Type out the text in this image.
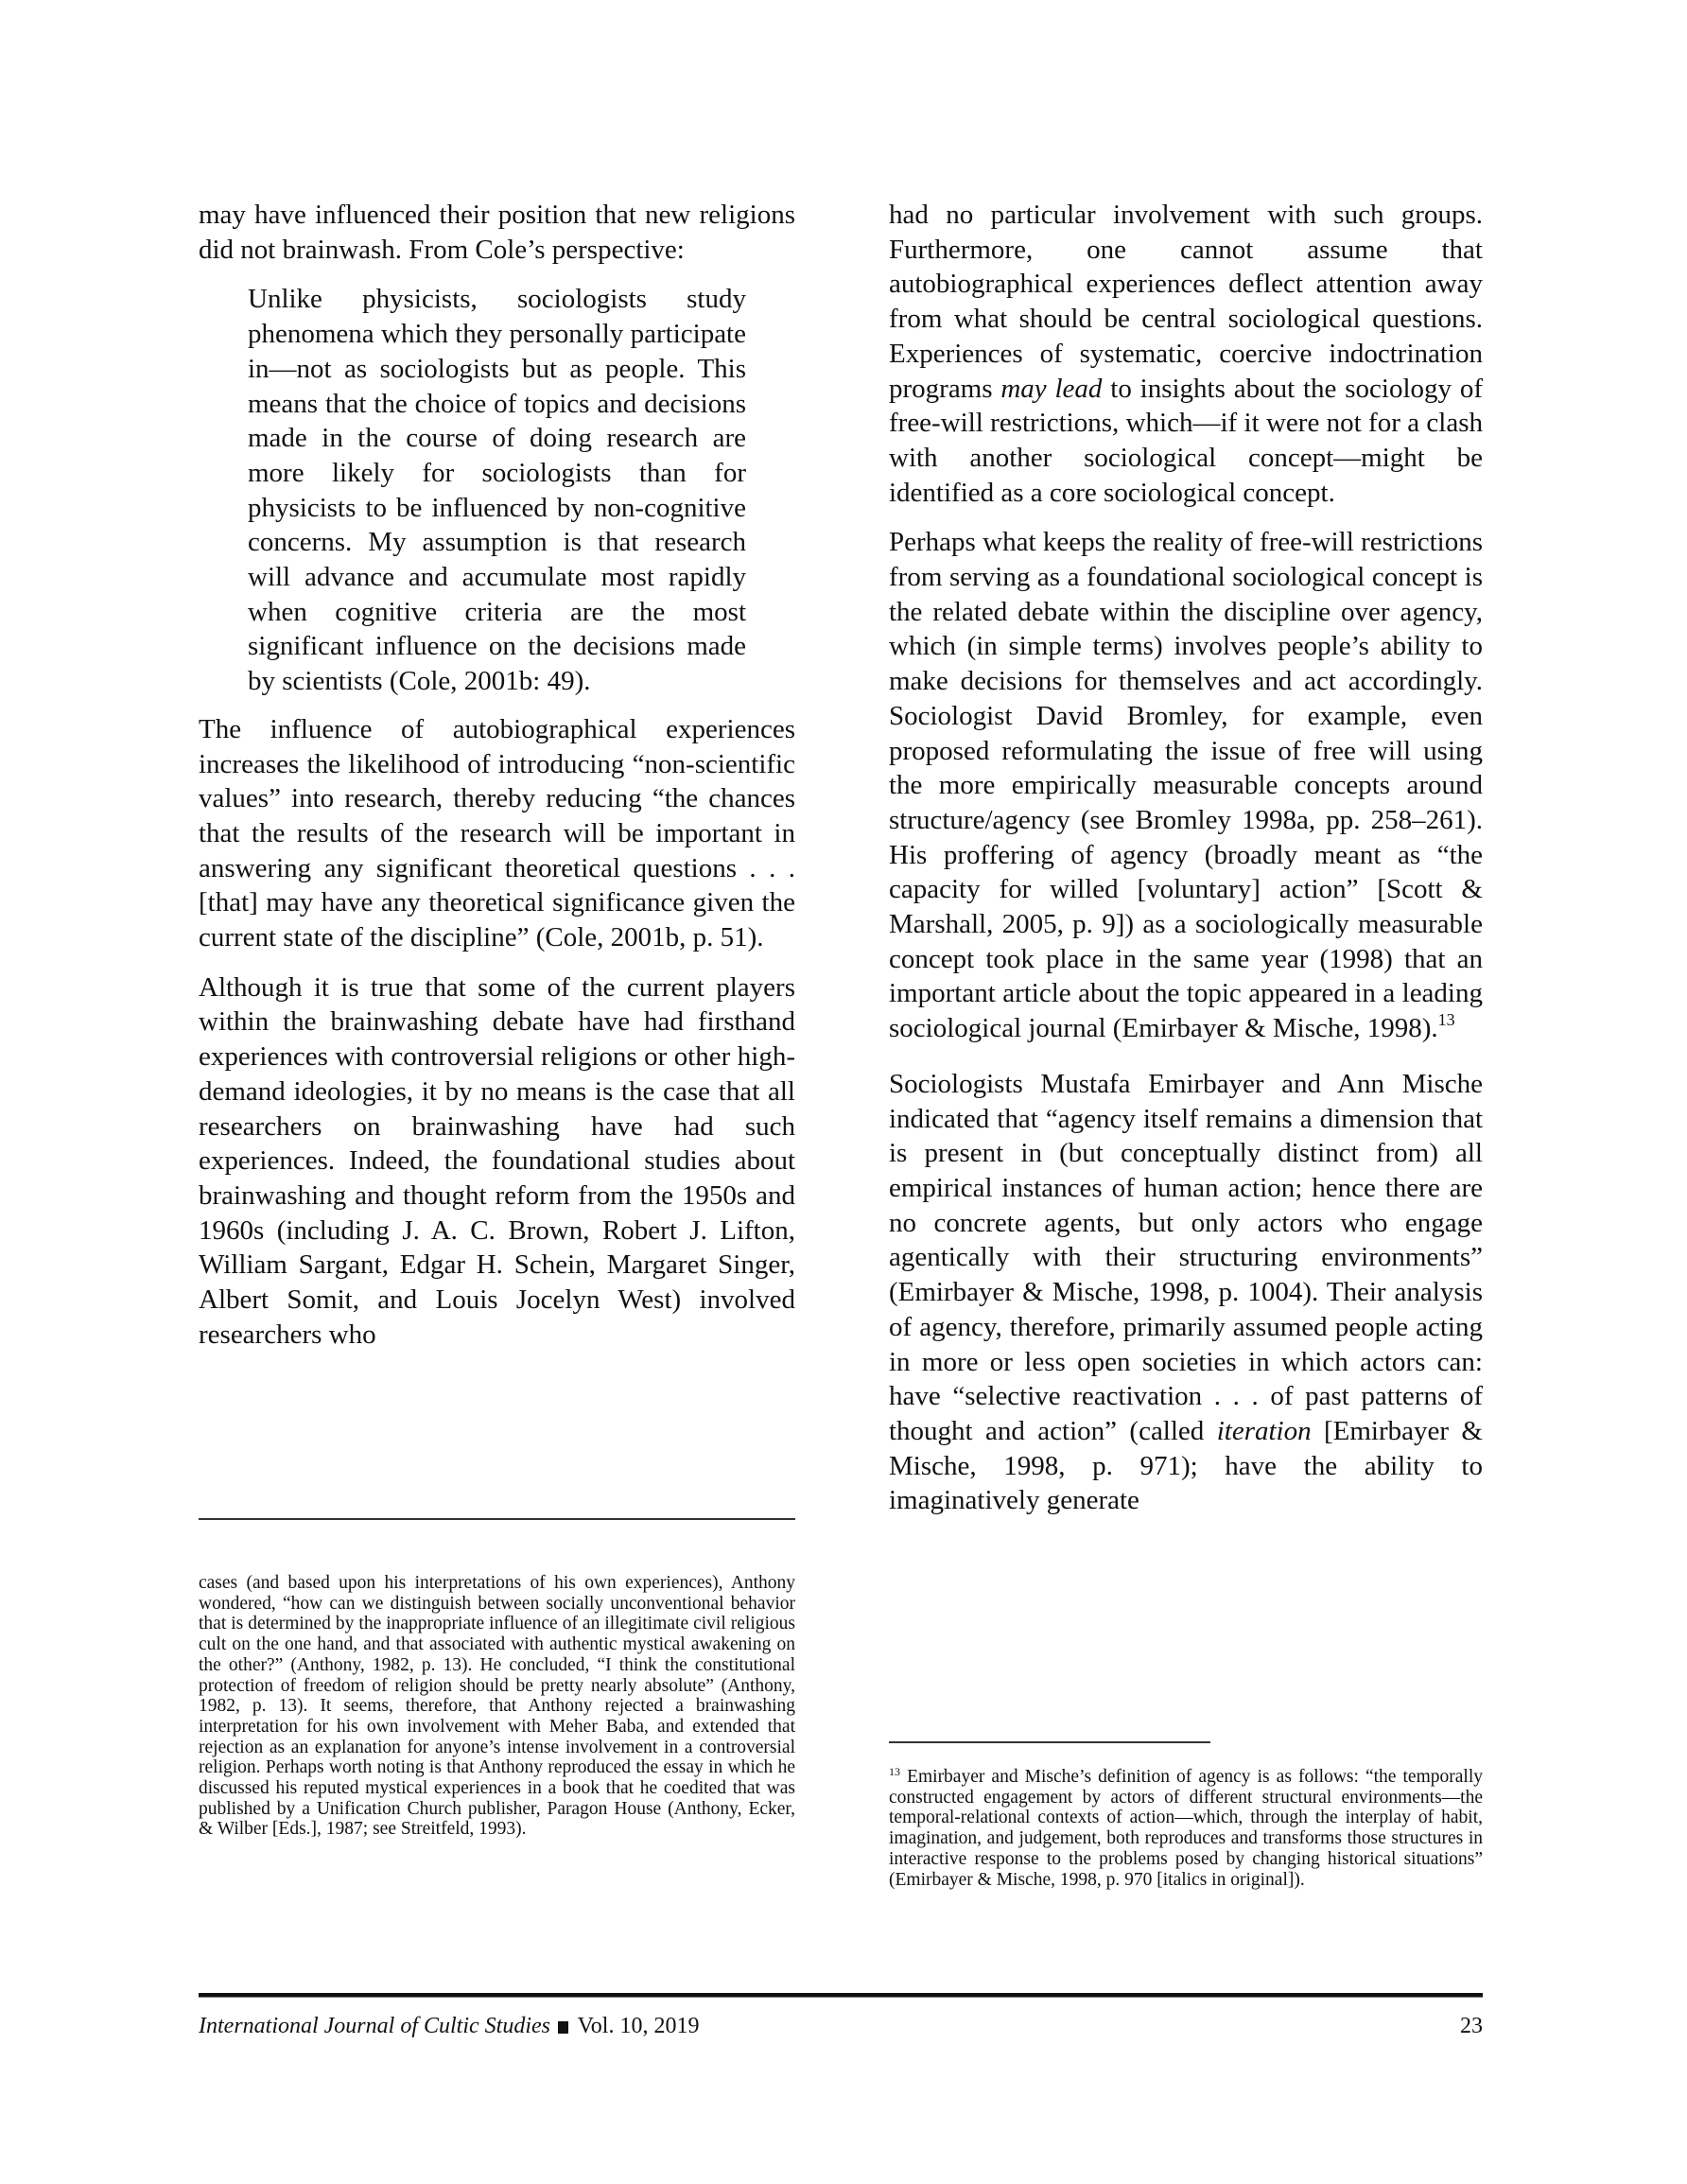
may have influenced their position that new religions did not brainwash. From Cole’s perspective:

Unlike physicists, sociologists study phenomena which they personally participate in—not as sociologists but as people. This means that the choice of topics and decisions made in the course of doing research are more likely for sociologists than for physicists to be influenced by non-cognitive concerns. My assumption is that research will advance and accumulate most rapidly when cognitive criteria are the most significant influence on the decisions made by scientists (Cole, 2001b: 49).

The influence of autobiographical experiences increases the likelihood of introducing “non-scientific values” into research, thereby reducing “the chances that the results of the research will be important in answering any significant theoretical questions . . . [that] may have any theoretical significance given the current state of the discipline” (Cole, 2001b, p. 51).

Although it is true that some of the current players within the brainwashing debate have had firsthand experiences with controversial religions or other high-demand ideologies, it by no means is the case that all researchers on brainwashing have had such experiences. Indeed, the foundational studies about brainwashing and thought reform from the 1950s and 1960s (including J. A. C. Brown, Robert J. Lifton, William Sargant, Edgar H. Schein, Margaret Singer, Albert Somit, and Louis Jocelyn West) involved researchers who

cases (and based upon his interpretations of his own experiences), Anthony wondered, “how can we distinguish between socially unconventional behavior that is determined by the inappropriate influence of an illegitimate civil religious cult on the one hand, and that associated with authentic mystical awakening on the other?” (Anthony, 1982, p. 13). He concluded, “I think the constitutional protection of freedom of religion should be pretty nearly absolute” (Anthony, 1982, p. 13). It seems, therefore, that Anthony rejected a brainwashing interpretation for his own involvement with Meher Baba, and extended that rejection as an explanation for anyone’s intense involvement in a controversial religion. Perhaps worth noting is that Anthony reproduced the essay in which he discussed his reputed mystical experiences in a book that he coedited that was published by a Unification Church publisher, Paragon House (Anthony, Ecker, & Wilber [Eds.], 1987; see Streitfeld, 1993).

had no particular involvement with such groups. Furthermore, one cannot assume that autobiographical experiences deflect attention away from what should be central sociological questions. Experiences of systematic, coercive indoctrination programs may lead to insights about the sociology of free-will restrictions, which—if it were not for a clash with another sociological concept—might be identified as a core sociological concept.

Perhaps what keeps the reality of free-will restrictions from serving as a foundational sociological concept is the related debate within the discipline over agency, which (in simple terms) involves people’s ability to make decisions for themselves and act accordingly. Sociologist David Bromley, for example, even proposed reformulating the issue of free will using the more empirically measurable concepts around structure/agency (see Bromley 1998a, pp. 258–261). His proffering of agency (broadly meant as “the capacity for willed [voluntary] action” [Scott & Marshall, 2005, p. 9]) as a sociologically measurable concept took place in the same year (1998) that an important article about the topic appeared in a leading sociological journal (Emirbayer & Mische, 1998).$^{13}$

Sociologists Mustafa Emirbayer and Ann Mische indicated that “agency itself remains a dimension that is present in (but conceptually distinct from) all empirical instances of human action; hence there are no concrete agents, but only actors who engage agentically with their structuring environments” (Emirbayer & Mische, 1998, p. 1004). Their analysis of agency, therefore, primarily assumed people acting in more or less open societies in which actors can: have “selective reactivation . . . of past patterns of thought and action” (called iteration [Emirbayer & Mische, 1998, p. 971); have the ability to imaginatively generate

$^{13}$ Emirbayer and Mische’s definition of agency is as follows: “the temporally constructed engagement by actors of different structural environments—the temporal-relational contexts of action—which, through the interplay of habit, imagination, and judgement, both reproduces and transforms those structures in interactive response to the problems posed by changing historical situations” (Emirbayer & Mische, 1998, p. 970 [italics in original]).
International Journal of Cultic Studies Vol. 10, 2019	23
